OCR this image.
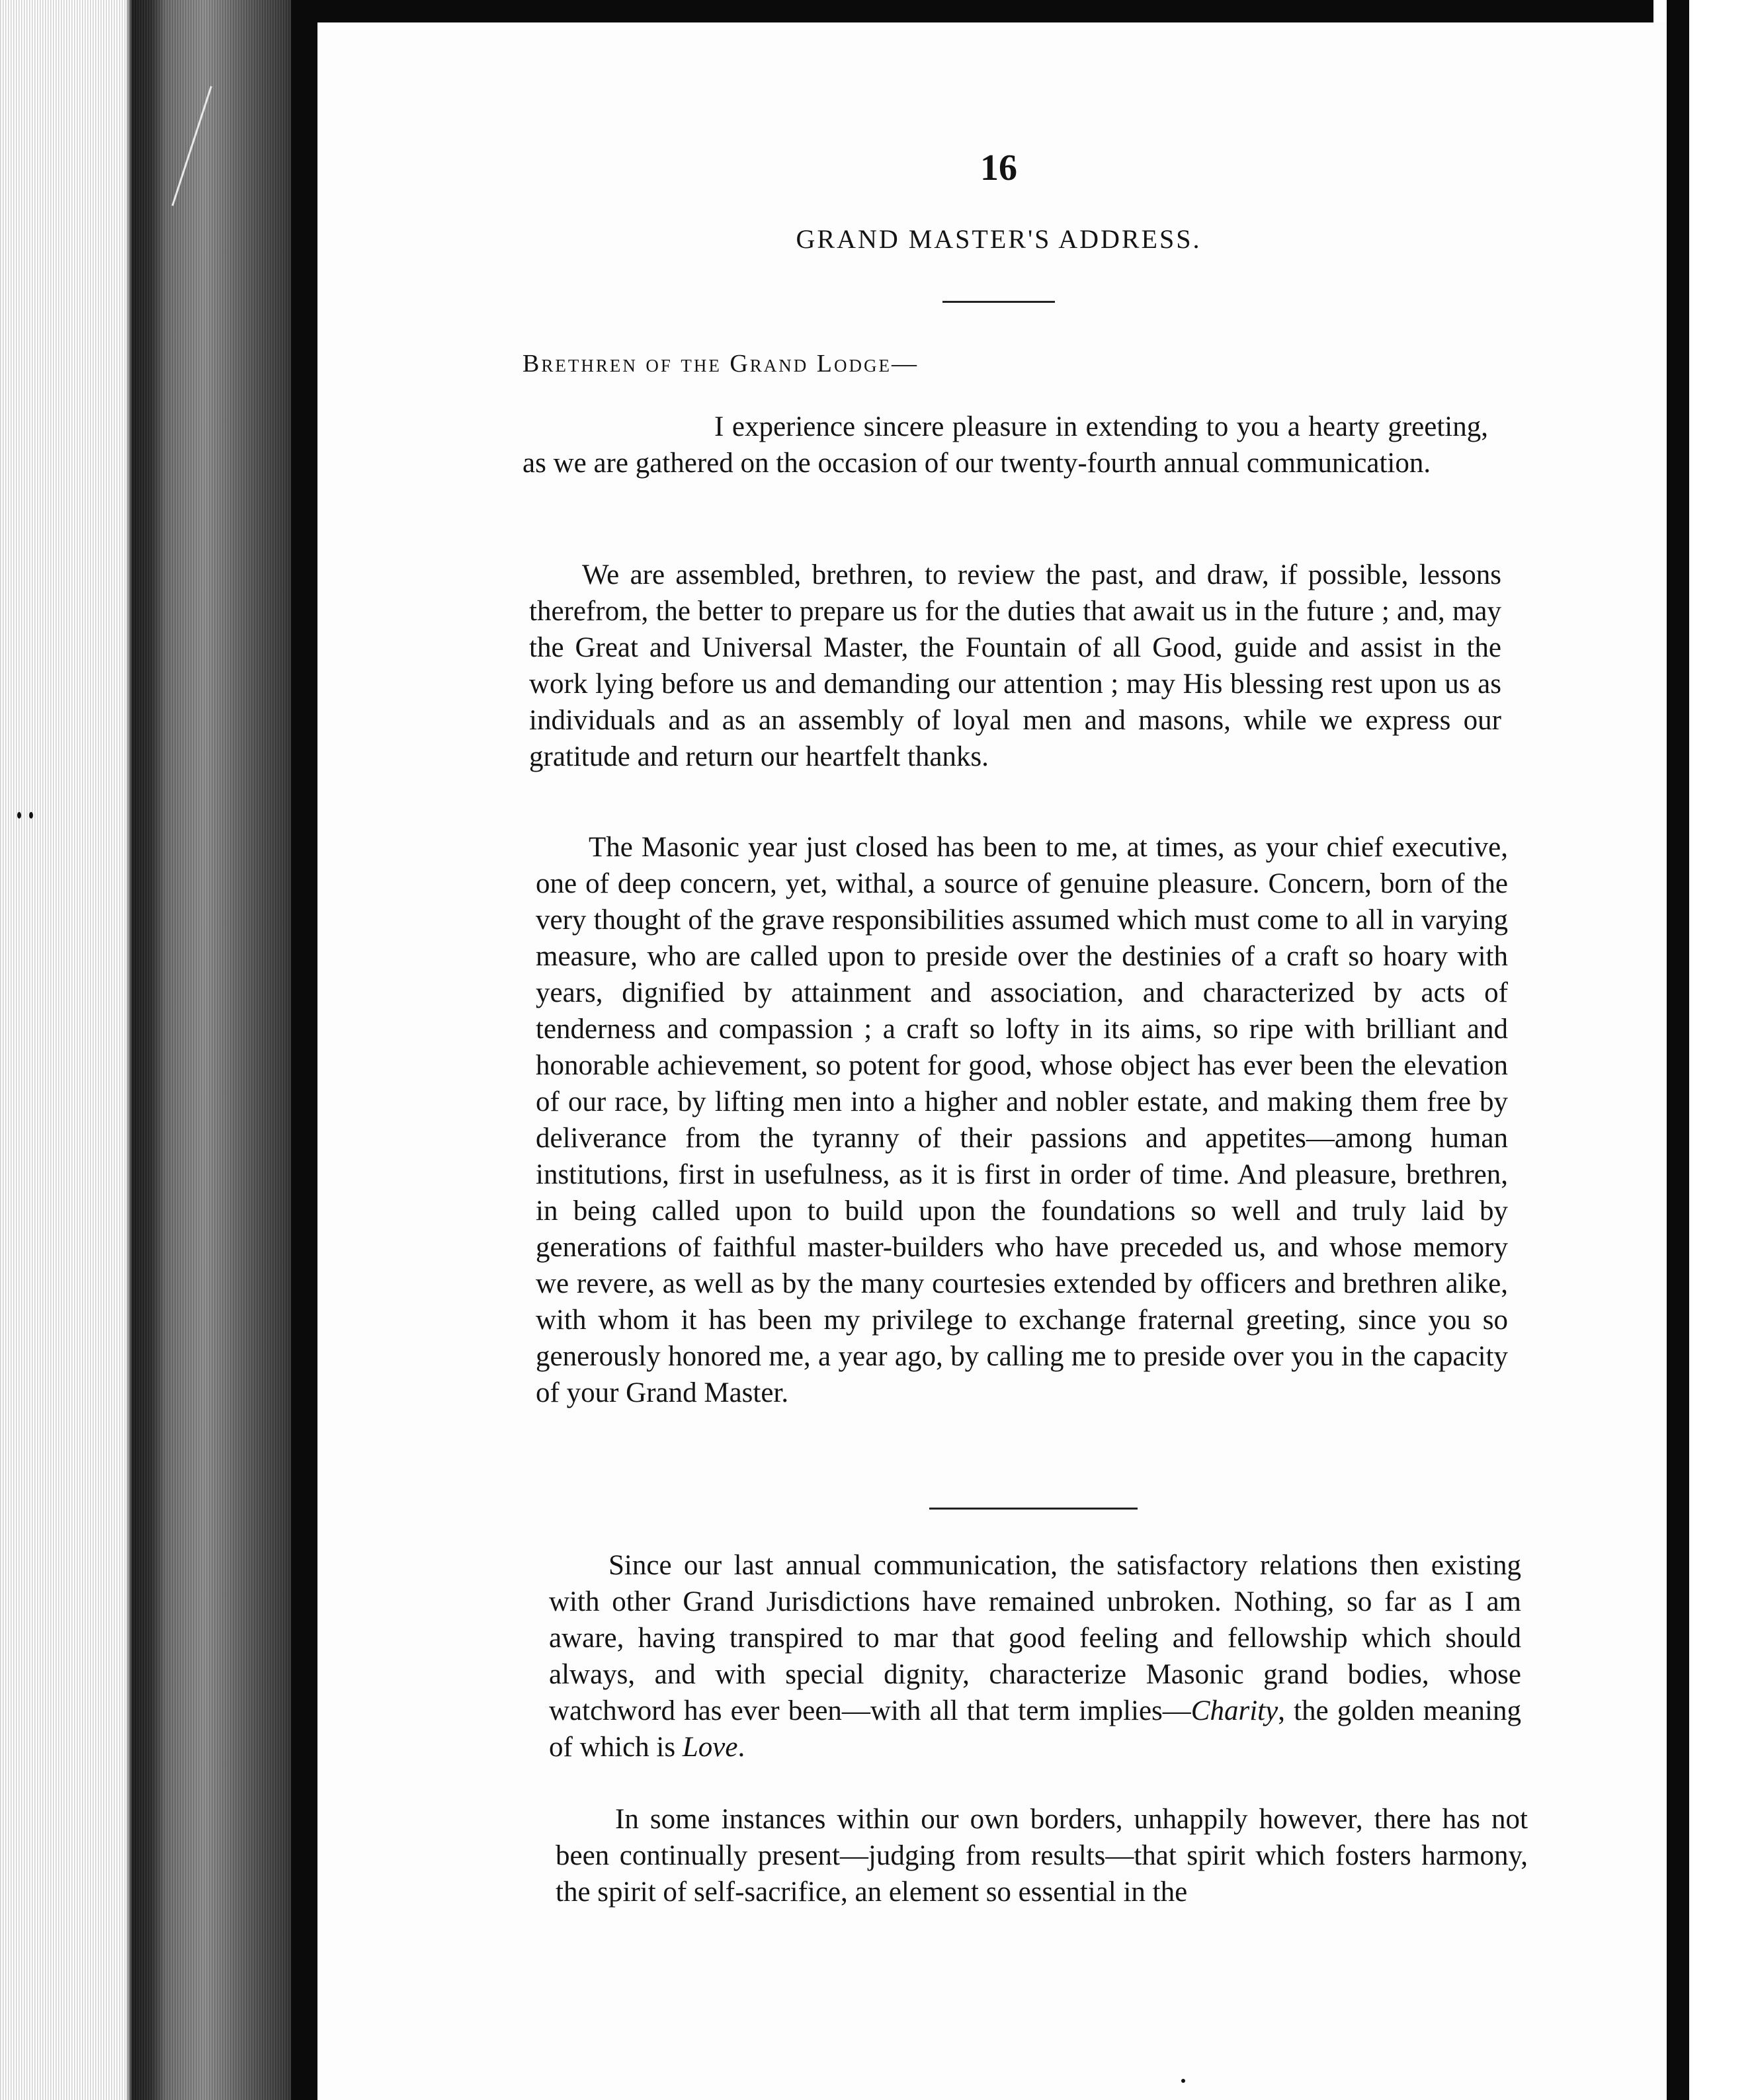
16
GRAND MASTER'S ADDRESS.
Brethren of the Grand Lodge—

I experience sincere pleasure in extending to you a hearty greeting, as we are gathered on the occasion of our twenty-fourth annual communication.

We are assembled, brethren, to review the past, and draw, if possible, lessons therefrom, the better to prepare us for the duties that await us in the future ; and, may the Great and Universal Master, the Fountain of all Good, guide and assist in the work lying before us and demanding our attention ; may His blessing rest upon us as individuals and as an assembly of loyal men and masons, while we express our gratitude and return our heartfelt thanks.

The Masonic year just closed has been to me, at times, as your chief executive, one of deep concern, yet, withal, a source of genuine pleasure. Concern, born of the very thought of the grave responsibilities assumed which must come to all in varying measure, who are called upon to preside over the destinies of a craft so hoary with years, dignified by attainment and association, and characterized by acts of tenderness and compassion ; a craft so lofty in its aims, so ripe with brilliant and honorable achievement, so potent for good, whose object has ever been the elevation of our race, by lifting men into a higher and nobler estate, and making them free by deliverance from the tyranny of their passions and appetites—among human institutions, first in usefulness, as it is first in order of time. And pleasure, brethren, in being called upon to build upon the foundations so well and truly laid by generations of faithful master-builders who have preceded us, and whose memory we revere, as well as by the many courtesies extended by officers and brethren alike, with whom it has been my privilege to exchange fraternal greeting, since you so generously honored me, a year ago, by calling me to preside over you in the capacity of your Grand Master.

Since our last annual communication, the satisfactory relations then existing with other Grand Jurisdictions have remained unbroken. Nothing, so far as I am aware, having transpired to mar that good feeling and fellowship which should always, and with special dignity, characterize Masonic grand bodies, whose watchword has ever been—with all that term implies—Charity, the golden meaning of which is Love.

In some instances within our own borders, unhappily however, there has not been continually present—judging from results—that spirit which fosters harmony, the spirit of self-sacrifice, an element so essential in the
